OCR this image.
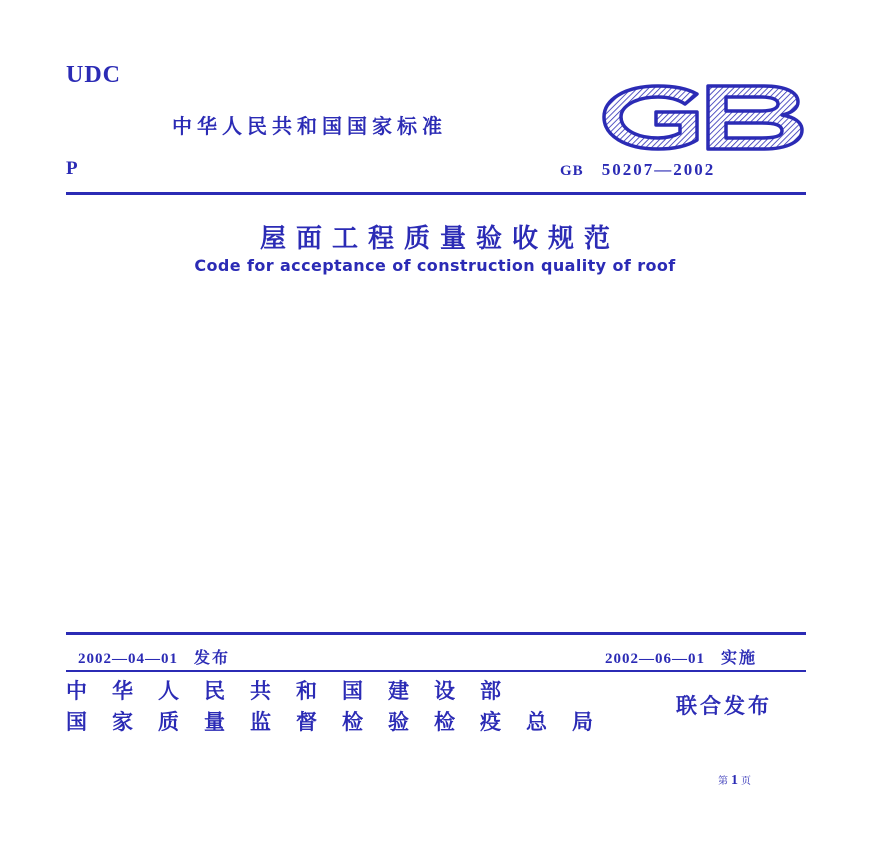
UDC
P
中华人民共和国国家标准
GB 50207—2002
屋面工程质量验收规范
Code for acceptance of construction quality of roof
2002—04—01 发布	2002—06—01 实施
中华人民共和国建设部
国家质量监督检验检疫总局
联合发布
第 1 页
